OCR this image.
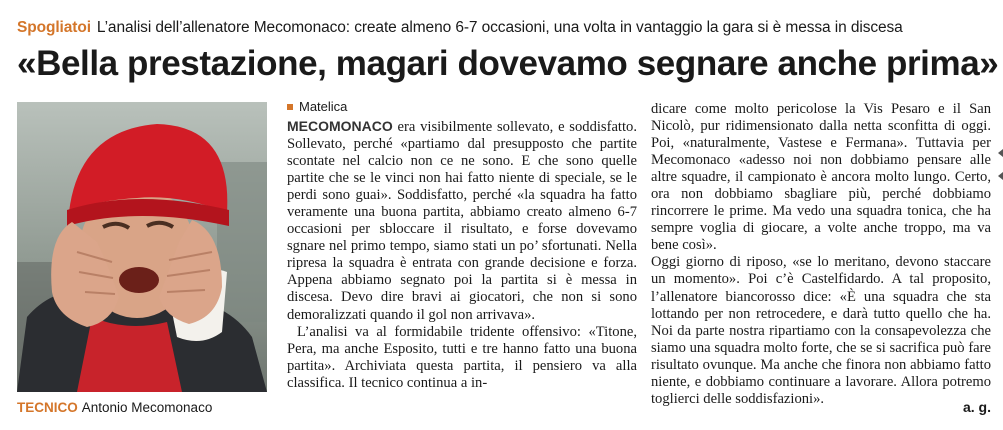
Spogliatoi L’analisi dell’allenatore Mecomonaco: create almeno 6-7 occasioni, una volta in vantaggio la gara si è messa in discesa
«Bella prestazione, magari dovevamo segnare anche prima»
TECNICO Antonio Mecomonaco
Matelica

MECOMONACO era visibilmente sollevato, e soddisfatto. Sollevato, perché «partiamo dal presupposto che partite scontate nel calcio non ce ne sono. E che sono quelle partite che se le vinci non hai fatto niente di speciale, se le perdi sono guai». Soddisfatto, perché «la squadra ha fatto veramente una buona partita, abbiamo creato almeno 6-7 occasioni per sbloccare il risultato, e forse dovevamo sgnare nel primo tempo, siamo stati un po’ sfortunati. Nella ripresa la squadra è entrata con grande decisione e forza. Appena abbiamo segnato poi la partita si è messa in discesa. Devo dire bravi ai giocatori, che non si sono demoralizzati quando il gol non arrivava».

L’analisi va al formidabile tridente offensivo: «Titone, Pera, ma anche Esposito, tutti e tre hanno fatto una buona partita». Archiviata questa partita, il pensiero va alla classifica. Il tecnico continua a in-

dicare come molto pericolose la Vis Pesaro e il San Nicolò, pur ridimensionato dalla netta sconfitta di oggi. Poi, «naturalmente, Vastese e Fermana». Tuttavia per Mecomonaco «adesso noi non dobbiamo pensare alle altre squadre, il campionato è ancora molto lungo. Certo, ora non dobbiamo sbagliare più, perché dobbiamo rincorrere le prime. Ma vedo una squadra tonica, che ha sempre voglia di giocare, a volte anche troppo, ma va bene così».

Oggi giorno di riposo, «se lo meritano, devono staccare un momento». Poi c’è Castelfidardo. A tal proposito, l’allenatore biancorosso dice: «È una squadra che sta lottando per non retrocedere, e darà tutto quello che ha. Noi da parte nostra ripartiamo con la consapevolezza che siamo una squadra molto forte, che se si sacrifica può fare risultato ovunque. Ma anche che finora non abbiamo fatto niente, e dobbiamo continuare a lavorare. Allora potremo toglierci delle soddisfazioni».

a. g.
